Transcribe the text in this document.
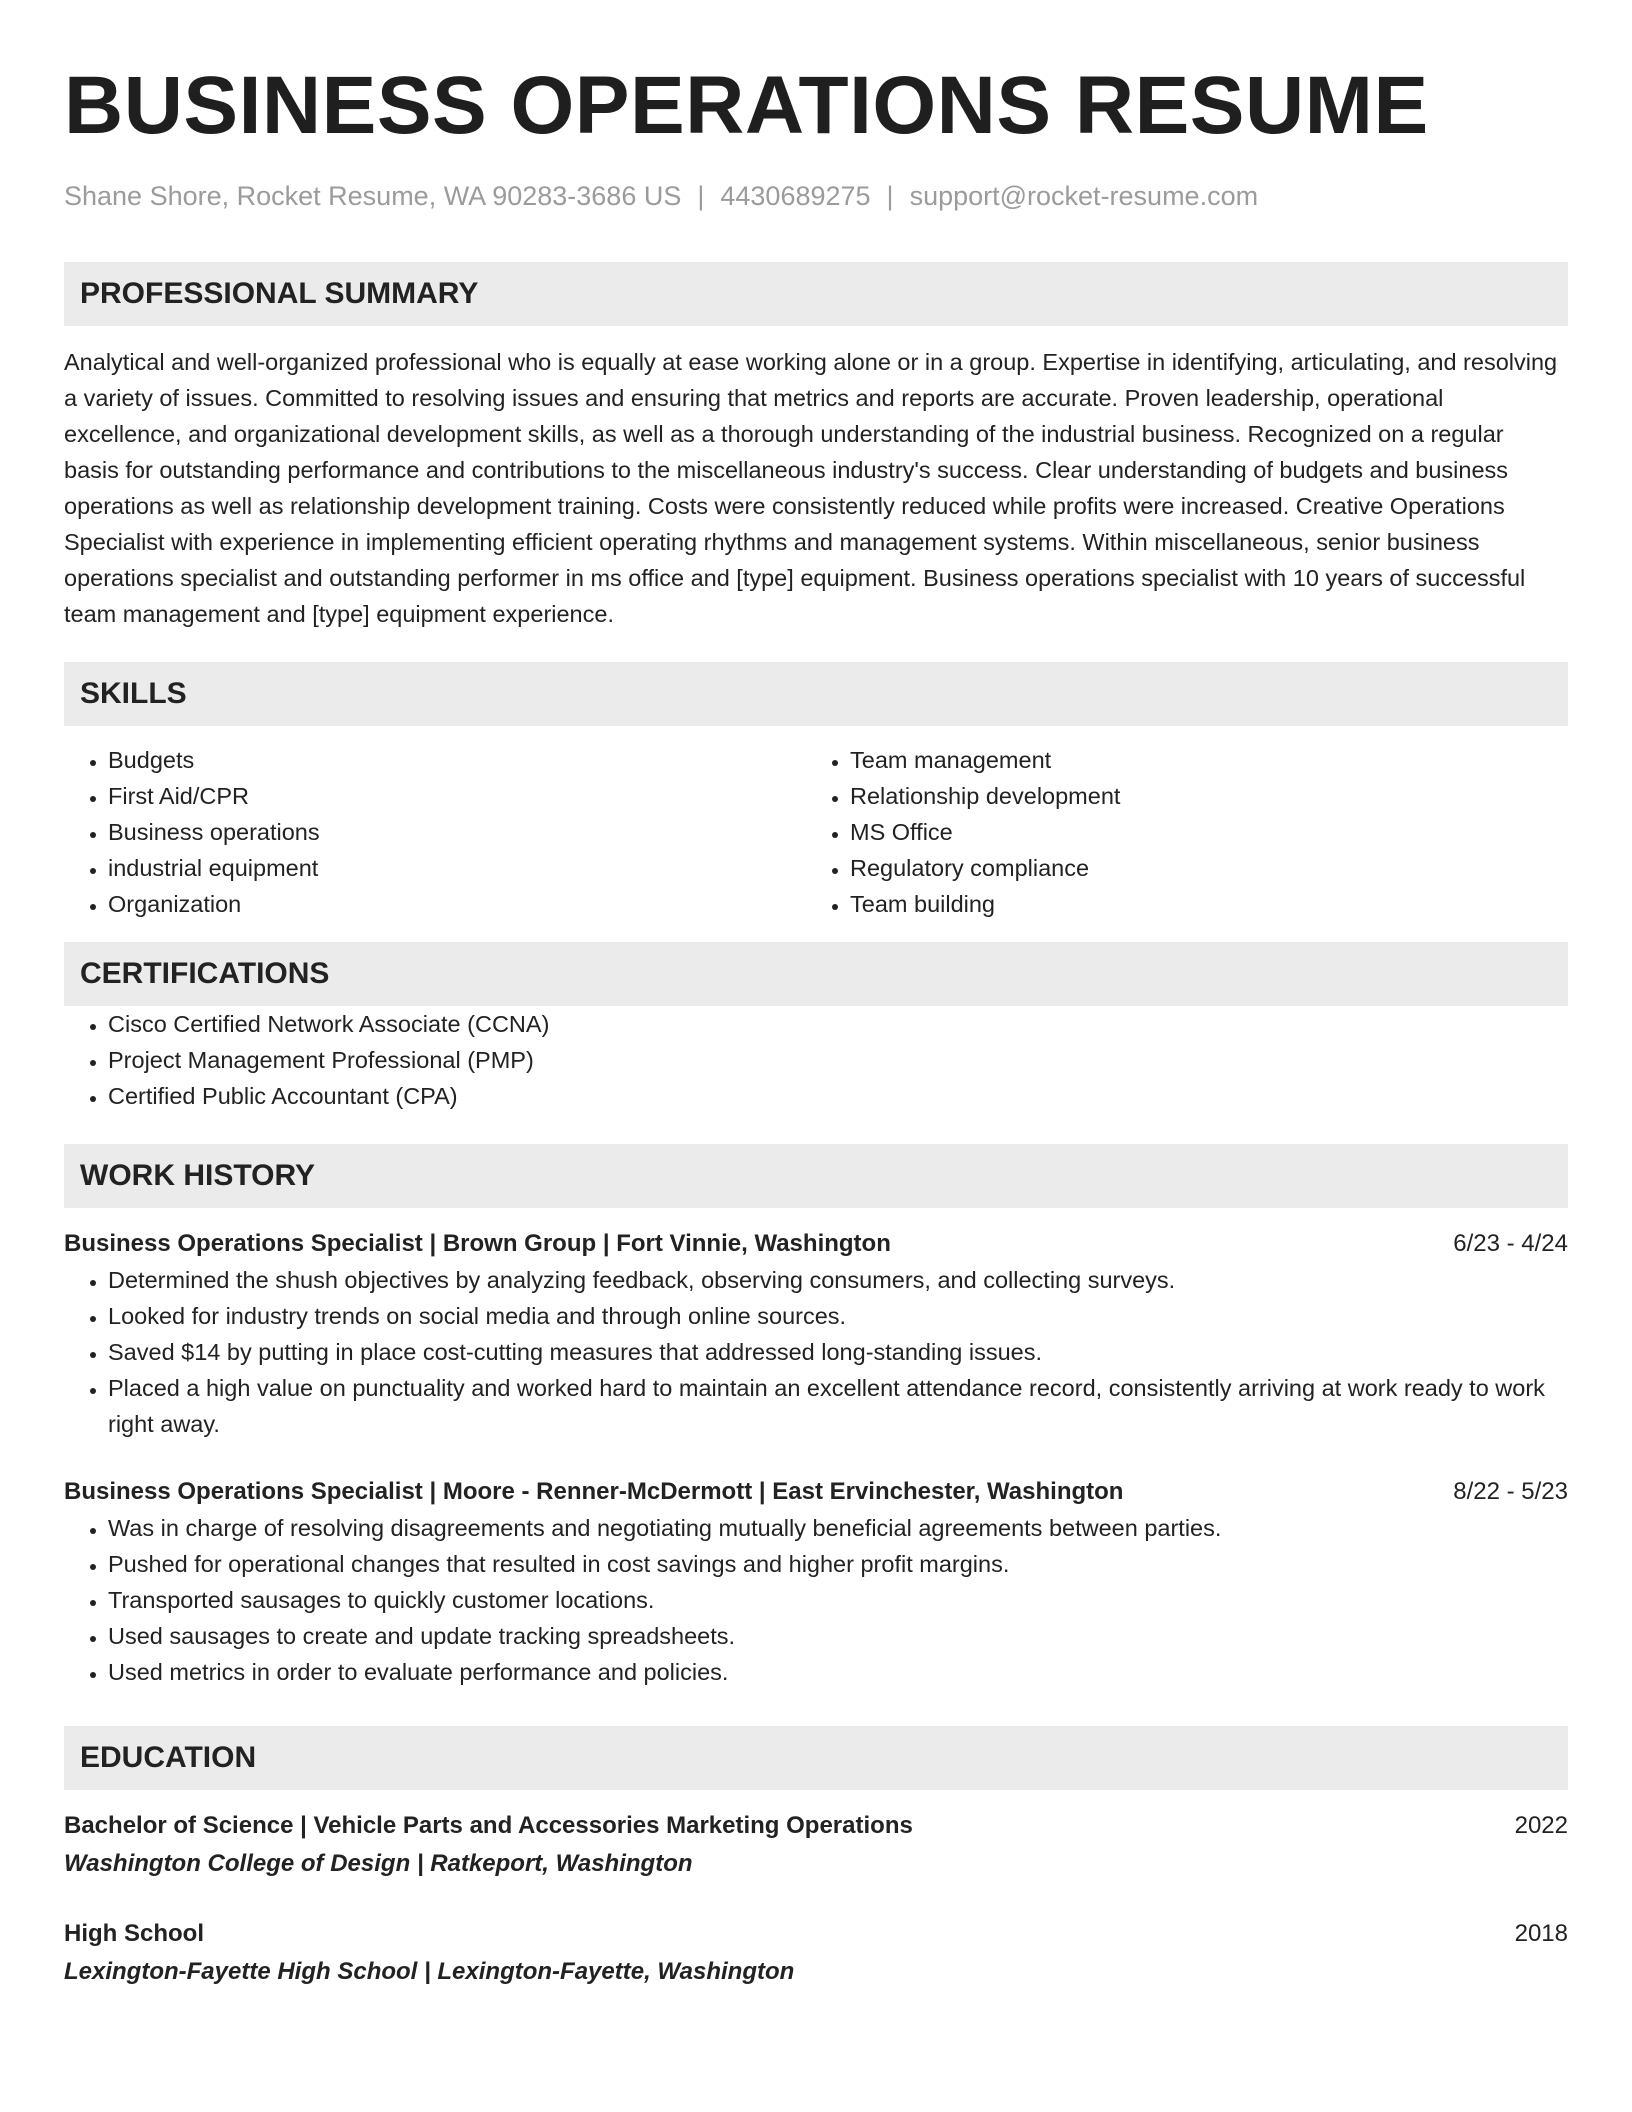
BUSINESS OPERATIONS RESUME
Shane Shore, Rocket Resume, WA 90283-3686 US | 4430689275 | support@rocket-resume.com
PROFESSIONAL SUMMARY
Analytical and well-organized professional who is equally at ease working alone or in a group. Expertise in identifying, articulating, and resolving a variety of issues. Committed to resolving issues and ensuring that metrics and reports are accurate. Proven leadership, operational excellence, and organizational development skills, as well as a thorough understanding of the industrial business. Recognized on a regular basis for outstanding performance and contributions to the miscellaneous industry's success. Clear understanding of budgets and business operations as well as relationship development training. Costs were consistently reduced while profits were increased. Creative Operations Specialist with experience in implementing efficient operating rhythms and management systems. Within miscellaneous, senior business operations specialist and outstanding performer in ms office and [type] equipment. Business operations specialist with 10 years of successful team management and [type] equipment experience.
SKILLS
• Budgets
• First Aid/CPR
• Business operations
• industrial equipment
• Organization
• Team management
• Relationship development
• MS Office
• Regulatory compliance
• Team building
CERTIFICATIONS
• Cisco Certified Network Associate (CCNA)
• Project Management Professional (PMP)
• Certified Public Accountant (CPA)
WORK HISTORY
Business Operations Specialist | Brown Group | Fort Vinnie, Washington	6/23 - 4/24
• Determined the shush objectives by analyzing feedback, observing consumers, and collecting surveys.
• Looked for industry trends on social media and through online sources.
• Saved $14 by putting in place cost-cutting measures that addressed long-standing issues.
• Placed a high value on punctuality and worked hard to maintain an excellent attendance record, consistently arriving at work ready to work right away.
Business Operations Specialist | Moore - Renner-McDermott | East Ervinchester, Washington	8/22 - 5/23
• Was in charge of resolving disagreements and negotiating mutually beneficial agreements between parties.
• Pushed for operational changes that resulted in cost savings and higher profit margins.
• Transported sausages to quickly customer locations.
• Used sausages to create and update tracking spreadsheets.
• Used metrics in order to evaluate performance and policies.
EDUCATION
Bachelor of Science | Vehicle Parts and Accessories Marketing Operations	2022
Washington College of Design | Ratkeport, Washington
High School	2018
Lexington-Fayette High School | Lexington-Fayette, Washington
